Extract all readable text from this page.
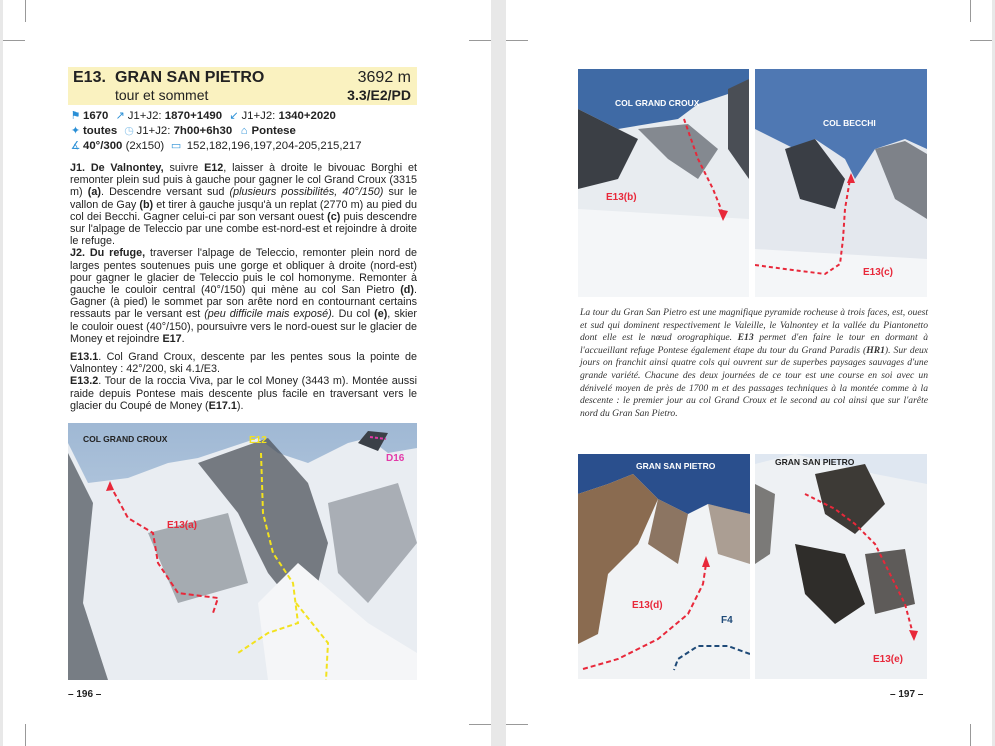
E13. GRAN SAN PIETRO	3692 m
tour et sommet	3.3/E2/PD
⚑ 1670 ↗ J1+J2: 1870+1490 ↙ J1+J2: 1340+2020
✦ toutes ◷ J1+J2: 7h00+6h30 ⌂ Pontese
∡ 40°/300 (2x150) ▭ 152,182,196,197,204-205,215,217

J1. De Valnontey, suivre E12, laisser à droite le bivouac Borghi et remonter plein sud puis à gauche pour gagner le col Grand Croux (3315 m) (a). Descendre versant sud (plusieurs possibilités, 40°/150) sur le vallon de Gay (b) et tirer à gauche jusqu'à un replat (2770 m) au pied du col dei Becchi. Gagner celui-ci par son versant ouest (c) puis descendre sur l'alpage de Teleccio par une combe est-nord-est et rejoindre à droite le refuge.

J2. Du refuge, traverser l'alpage de Teleccio, remonter plein nord de larges pentes soutenues puis une gorge et obliquer à droite (nord-est) pour gagner le glacier de Teleccio puis le col homonyme. Remonter à gauche le couloir central (40°/150) qui mène au col San Pietro (d). Gagner (à pied) le sommet par son arête nord en contournant certains ressauts par le versant est (peu difficile mais exposé). Du col (e), skier le couloir ouest (40°/150), poursuivre vers le nord-ouest sur le glacier de Money et rejoindre E17.

E13.1. Col Grand Croux, descente par les pentes sous la pointe de Valnontey : 42°/200, ski 4.1/E3.

E13.2. Tour de la roccia Viva, par le col Money (3443 m). Montée aussi raide depuis Pontese mais descente plus facile en traversant vers le glacier du Coupé de Money (E17.1).

COL GRAND CROUX	E12
D16
E13(a)
– 196 –
COL GRAND CROUX
E13(b)
COL BECCHI
E13(c)
La tour du Gran San Pietro est une magnifique pyramide rocheuse à trois faces, est, ouest et sud qui dominent respectivement le Valeille, le Valnontey et la vallée du Piantonetto dont elle est le nœud orographique. E13 permet d'en faire le tour en dormant à l'accueillant refuge Pontese également étape du tour du Grand Paradis (HR1). Sur deux jours on franchit ainsi quatre cols qui ouvrent sur de superbes paysages sauvages d'une grande variété. Chacune des deux journées de ce tour est une course en soi avec un dénivelé moyen de près de 1700 m et des passages techniques à la montée comme à la descente : le premier jour au col Grand Croux et le second au col ainsi que sur l'arête nord du Gran San Pietro.
GRAN SAN PIETRO
E13(d)
F4
GRAN SAN PIETRO
E13(e)
– 197 –
